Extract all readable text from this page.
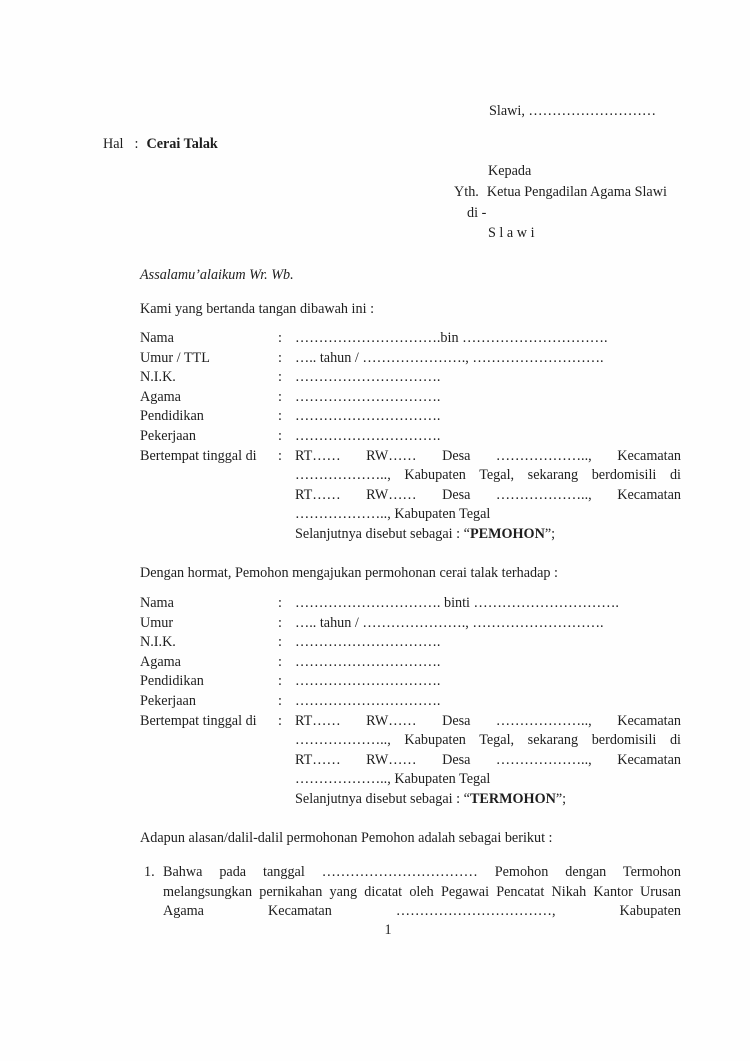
Slawi, ………………………
Hal : Cerai Talak
Kepada
Yth. Ketua Pengadilan Agama Slawi
di -
S l a w i
Assalamu’alaikum Wr. Wb.
Kami yang bertanda tangan dibawah ini :
Nama	: ………………………….bin ………………………….
Umur / TTL	: ….. tahun / …………………., ……………………….
N.I.K.	: ………………………….
Agama	: ………………………….
Pendidikan	: ………………………….
Pekerjaan	: ………………………….
Bertempat tinggal di	: RT…… RW…… Desa ……………….., Kecamatan
……………….., Kabupaten Tegal, sekarang berdomisili di
RT…… RW…… Desa ……………….., Kecamatan
……………….., Kabupaten Tegal
Selanjutnya disebut sebagai : “PEMOHON”;
Dengan hormat, Pemohon mengajukan permohonan cerai talak terhadap :
Nama	: …………………………. binti ………………………….
Umur	: ….. tahun / …………………., ……………………….
N.I.K.	: ………………………….
Agama	: ………………………….
Pendidikan	: ………………………….
Pekerjaan	: ………………………….
Bertempat tinggal di	: RT…… RW…… Desa ……………….., Kecamatan
……………….., Kabupaten Tegal, sekarang berdomisili di
RT…… RW…… Desa ……………….., Kecamatan
……………….., Kabupaten Tegal
Selanjutnya disebut sebagai : “TERMOHON”;
Adapun alasan/dalil-dalil permohonan Pemohon adalah sebagai berikut :
1. Bahwa pada tanggal …………………………… Pemohon dengan Termohon
melangsungkan pernikahan yang dicatat oleh Pegawai Pencatat Nikah Kantor Urusan
Agama Kecamatan ……………………………, Kabupaten
1
